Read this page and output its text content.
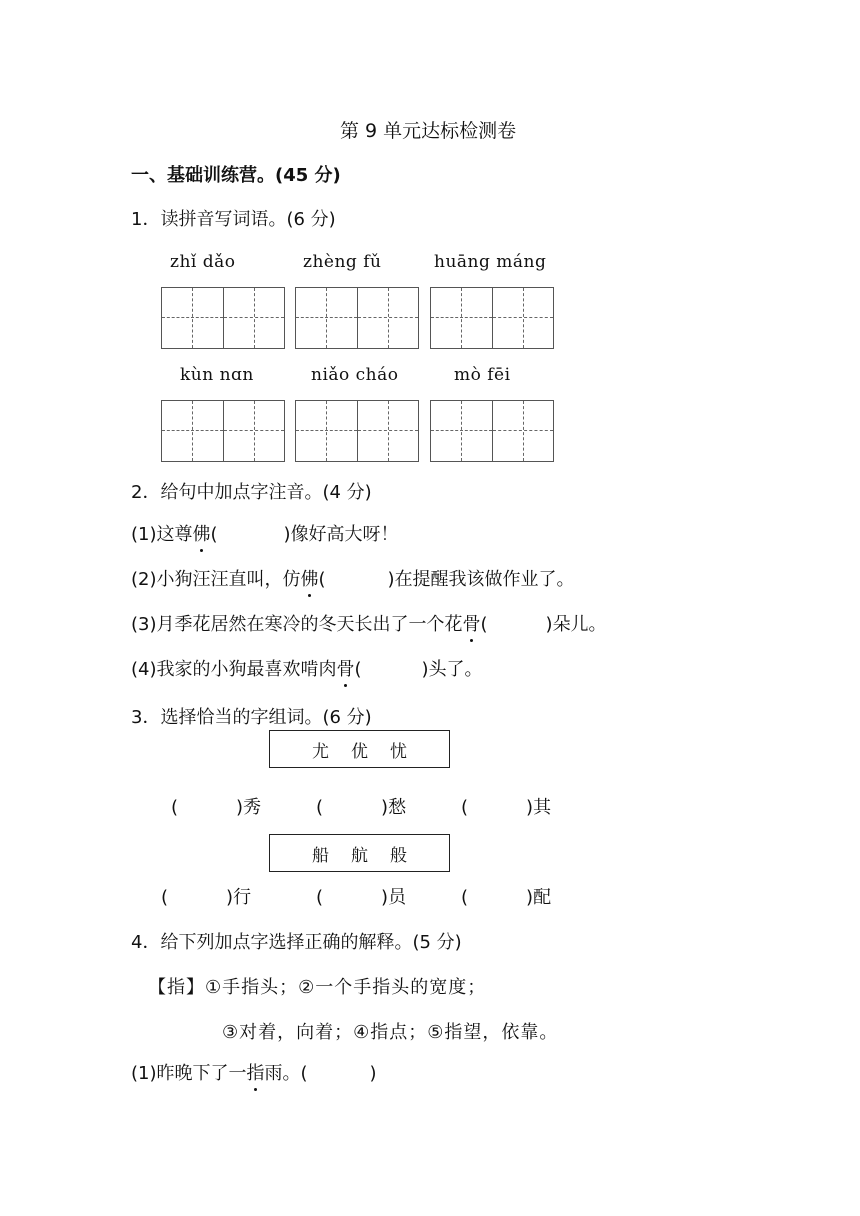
第 9 单元达标检测卷
一、基础训练营。(45 分)
1．读拼音写词语。(6 分)
zhǐ dǎo	zhèng fǔ	huāng máng
kùn nɑn	niǎo cháo	mò fēi
2．给句中加点字注音。(4 分)
(1)这尊佛(	)像好高大呀！
(2)小狗汪汪直叫，仿佛(	)在提醒我该做作业了。
(3)月季花居然在寒冷的冬天长出了一个花骨(	)朵儿。
(4)我家的小狗最喜欢啃肉骨(	)头了。
3．选择恰当的字组词。(6 分)
尤 优 忧
(	)秀	(	)愁	(	)其
船 航 般
(	)行	(	)员	(	)配
4．给下列加点字选择正确的解释。(5 分)
【指】①手指头；②一个手指头的宽度；
③对着，向着；④指点；⑤指望，依靠。
(1)昨晚下了一指雨。(	)
